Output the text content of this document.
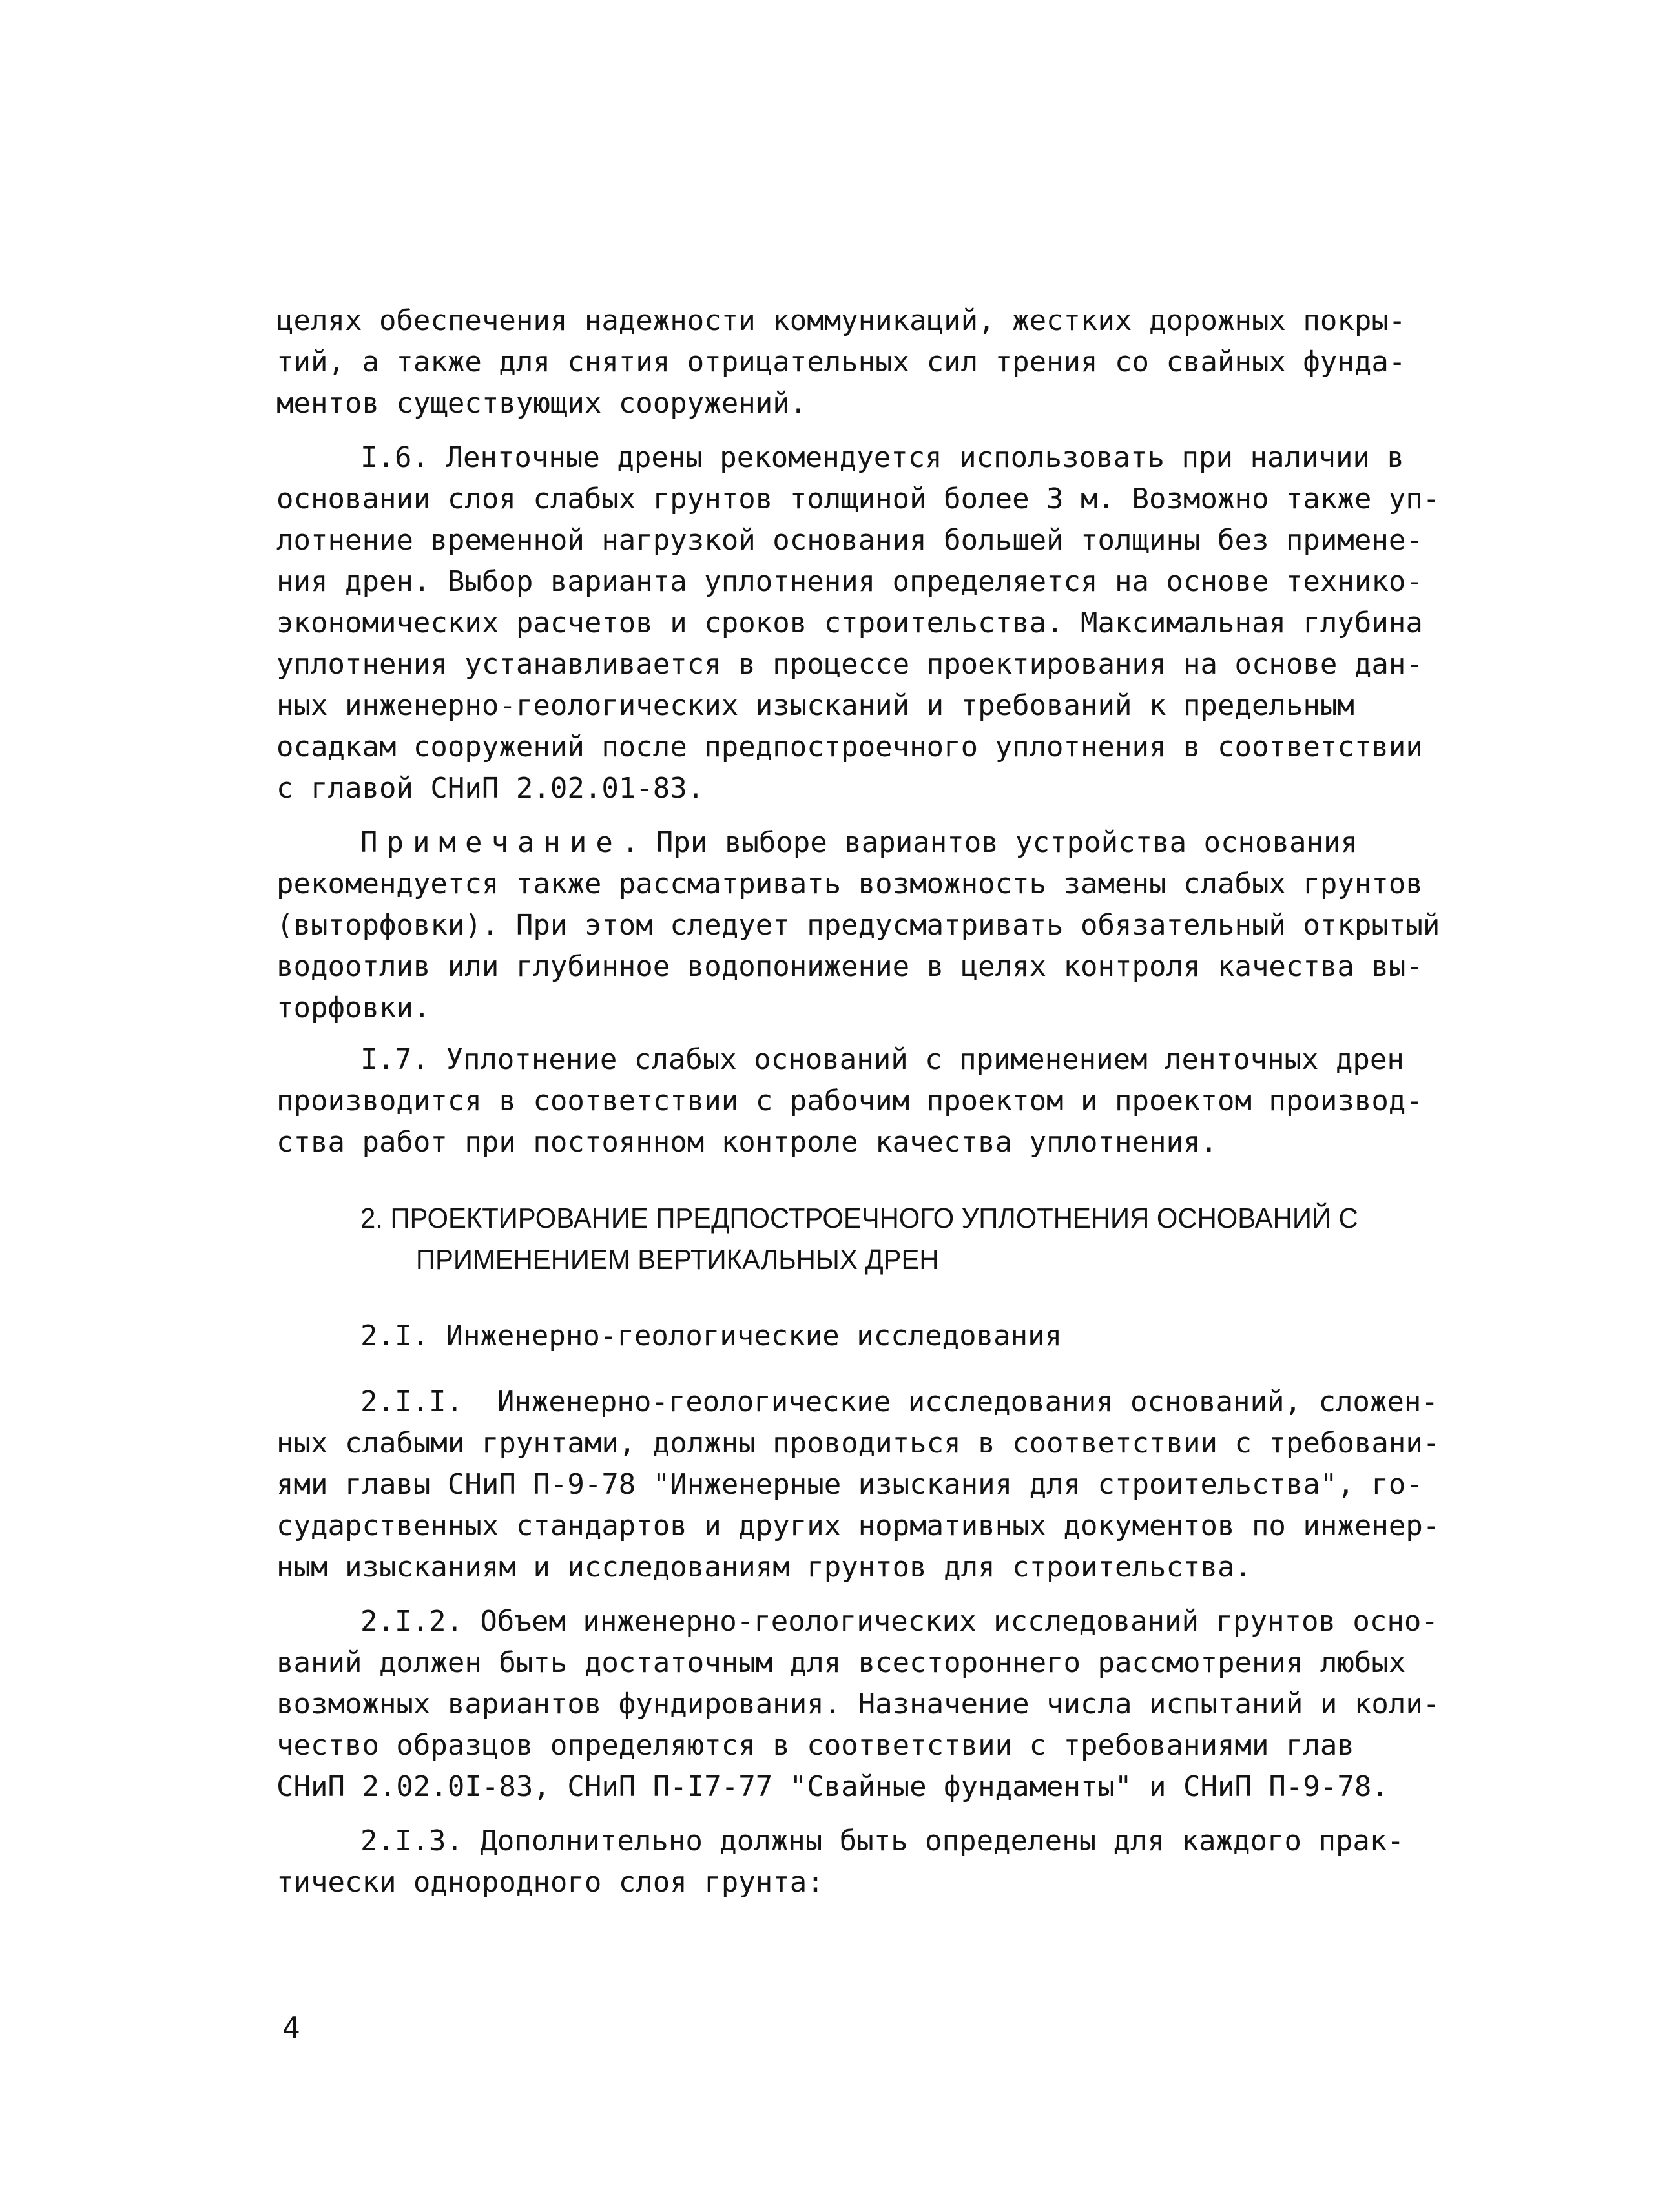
целях обеспечения надежности коммуникаций, жестких дорожных покры-
тий, а также для снятия отрицательных сил трения со свайных фунда-
ментов существующих сооружений.
I.6. Ленточные дрены рекомендуется использовать при наличии в
основании слоя слабых грунтов толщиной более 3 м. Возможно также уп-
лотнение временной нагрузкой основания большей толщины без примене-
ния дрен. Выбор варианта уплотнения определяется на основе технико-
экономических расчетов и сроков строительства. Максимальная глубина
уплотнения устанавливается в процессе проектирования на основе дан-
ных инженерно-геологических изысканий и требований к предельным
осадкам сооружений после предпостроечного уплотнения в соответствии
с главой СНиП 2.02.01-83.
Примечание. При выборе вариантов устройства основания
рекомендуется также рассматривать возможность замены слабых грунтов
(выторфовки). При этом следует предусматривать обязательный открытый
водоотлив или глубинное водопонижение в целях контроля качества вы-
торфовки.
I.7. Уплотнение слабых оснований с применением ленточных дрен
производится в соответствии с рабочим проектом и проектом производ-
ства работ при постоянном контроле качества уплотнения.
2. ПРОЕКТИРОВАНИЕ ПРЕДПОСТРОЕЧНОГО УПЛОТНЕНИЯ ОСНОВАНИЙ С
ПРИМЕНЕНИЕМ ВЕРТИКАЛЬНЫХ ДРЕН
2.I. Инженерно-геологические исследования
2.I.I.  Инженерно-геологические исследования оснований, сложен-
ных слабыми грунтами, должны проводиться в соответствии с требовани-
ями главы СНиП П-9-78 "Инженерные изыскания для строительства", го-
сударственных стандартов и других нормативных документов по инженер-
ным изысканиям и исследованиям грунтов для строительства.
2.I.2. Объем инженерно-геологических исследований грунтов осно-
ваний должен быть достаточным для всестороннего рассмотрения любых
возможных вариантов фундирования. Назначение числа испытаний и коли-
чество образцов определяются в соответствии с требованиями глав
СНиП 2.02.0I-83, СНиП П-I7-77 "Свайные фундаменты" и СНиП П-9-78.
2.I.3. Дополнительно должны быть определены для каждого прак-
тически однородного слоя грунта:
4
